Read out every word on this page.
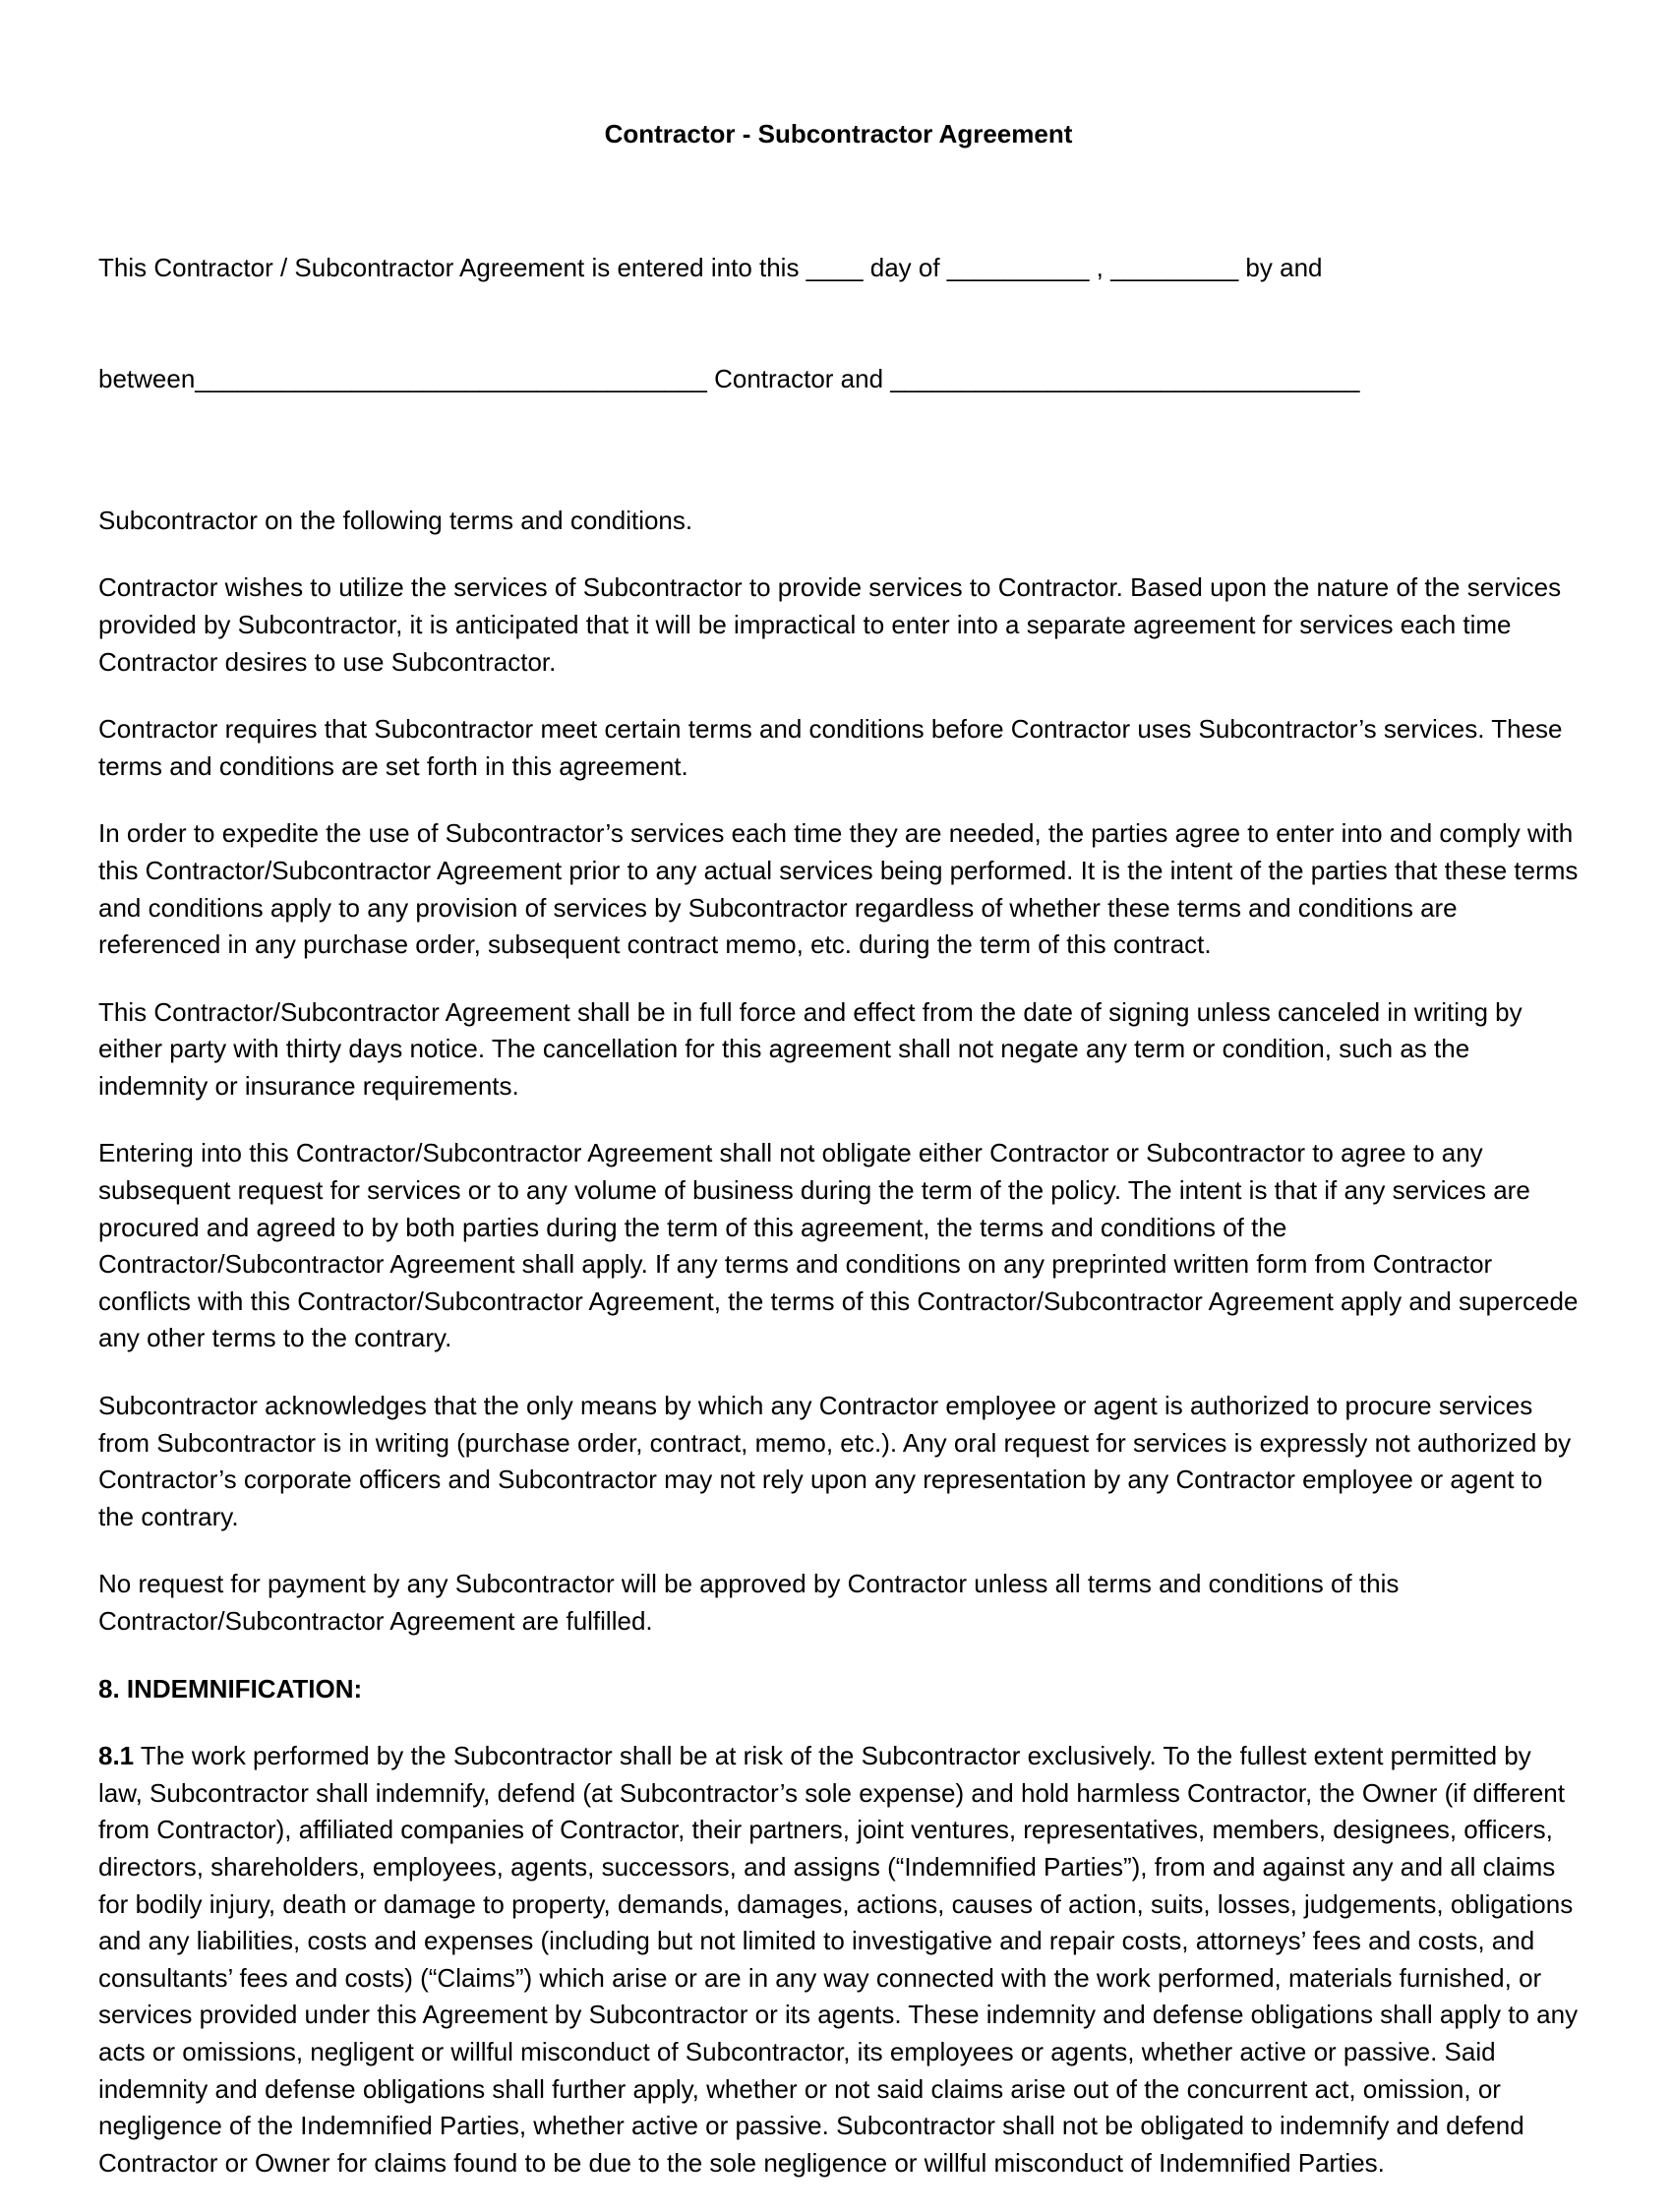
Contractor - Subcontractor Agreement

This Contractor / Subcontractor Agreement is entered into this ____ day of __________ , _________ by and

between____________________________________ Contractor and _________________________________

Subcontractor on the following terms and conditions.

Contractor wishes to utilize the services of Subcontractor to provide services to Contractor. Based upon the nature of the services provided by Subcontractor, it is anticipated that it will be impractical to enter into a separate agreement for services each time Contractor desires to use Subcontractor.

Contractor requires that Subcontractor meet certain terms and conditions before Contractor uses Subcontractor’s services. These terms and conditions are set forth in this agreement.

In order to expedite the use of Subcontractor’s services each time they are needed, the parties agree to enter into and comply with this Contractor/Subcontractor Agreement prior to any actual services being performed. It is the intent of the parties that these terms and conditions apply to any provision of services by Subcontractor regardless of whether these terms and conditions are referenced in any purchase order, subsequent contract memo, etc. during the term of this contract.

This Contractor/Subcontractor Agreement shall be in full force and effect from the date of signing unless canceled in writing by either party with thirty days notice. The cancellation for this agreement shall not negate any term or condition, such as the indemnity or insurance requirements.

Entering into this Contractor/Subcontractor Agreement shall not obligate either Contractor or Subcontractor to agree to any subsequent request for services or to any volume of business during the term of the policy. The intent is that if any services are procured and agreed to by both parties during the term of this agreement, the terms and conditions of the Contractor/Subcontractor Agreement shall apply. If any terms and conditions on any preprinted written form from Contractor conflicts with this Contractor/Subcontractor Agreement, the terms of this Contractor/Subcontractor Agreement apply and supercede any other terms to the contrary.

Subcontractor acknowledges that the only means by which any Contractor employee or agent is authorized to procure services from Subcontractor is in writing (purchase order, contract, memo, etc.). Any oral request for services is expressly not authorized by Contractor’s corporate officers and Subcontractor may not rely upon any representation by any Contractor employee or agent to the contrary.

No request for payment by any Subcontractor will be approved by Contractor unless all terms and conditions of this Contractor/Subcontractor Agreement are fulfilled.

8. INDEMNIFICATION:

8.1 The work performed by the Subcontractor shall be at risk of the Subcontractor exclusively. To the fullest extent permitted by law, Subcontractor shall indemnify, defend (at Subcontractor’s sole expense) and hold harmless Contractor, the Owner (if different from Contractor), affiliated companies of Contractor, their partners, joint ventures, representatives, members, designees, officers, directors, shareholders, employees, agents, successors, and assigns (“Indemnified Parties”), from and against any and all claims for bodily injury, death or damage to property, demands, damages, actions, causes of action, suits, losses, judgements, obligations and any liabilities, costs and expenses (including but not limited to investigative and repair costs, attorneys’ fees and costs, and consultants’ fees and costs) (“Claims”) which arise or are in any way connected with the work performed, materials furnished, or services provided under this Agreement by Subcontractor or its agents. These indemnity and defense obligations shall apply to any acts or omissions, negligent or willful misconduct of Subcontractor, its employees or agents, whether active or passive. Said indemnity and defense obligations shall further apply, whether or not said claims arise out of the concurrent act, omission, or negligence of the Indemnified Parties, whether active or passive. Subcontractor shall not be obligated to indemnify and defend Contractor or Owner for claims found to be due to the sole negligence or willful misconduct of Indemnified Parties.
